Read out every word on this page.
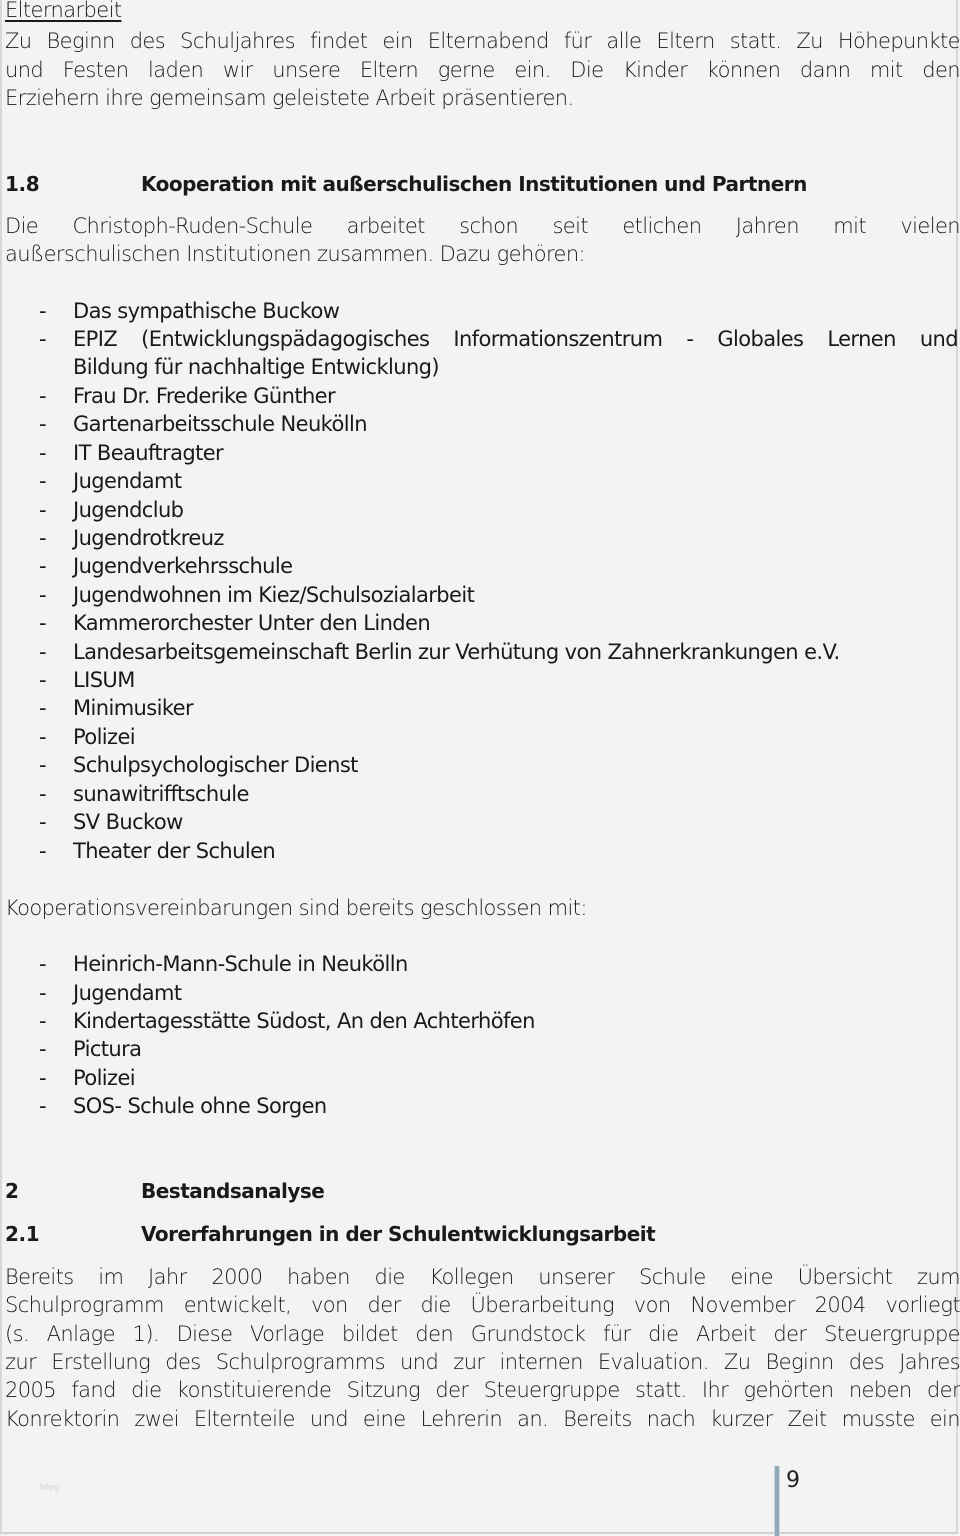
Elternarbeit
Zu Beginn des Schuljahres findet ein Elternabend für alle Eltern statt. Zu Höhepunkte
und Festen laden wir unsere Eltern gerne ein. Die Kinder können dann mit den
Erziehern ihre gemeinsam geleistete Arbeit präsentieren.
1.8	Kooperation mit außerschulischen Institutionen und Partnern
Die Christoph-Ruden-Schule arbeitet schon seit etlichen Jahren mit vielen
außerschulischen Institutionen zusammen. Dazu gehören:
- Das sympathische Buckow
- EPIZ (Entwicklungspädagogisches Informationszentrum - Globales Lernen und
Bildung für nachhaltige Entwicklung)
- Frau Dr. Frederike Günther
- Gartenarbeitsschule Neukölln
- IT Beauftragter
- Jugendamt
- Jugendclub
- Jugendrotkreuz
- Jugendverkehrsschule
- Jugendwohnen im Kiez/Schulsozialarbeit
- Kammerorchester Unter den Linden
- Landesarbeitsgemeinschaft Berlin zur Verhütung von Zahnerkrankungen e.V.
- LISUM
- Minimusiker
- Polizei
- Schulpsychologischer Dienst
- sunawitrifftschule
- SV Buckow
- Theater der Schulen
Kooperationsvereinbarungen sind bereits geschlossen mit:
- Heinrich-Mann-Schule in Neukölln
- Jugendamt
- Kindertagesstätte Südost, An den Achterhöfen
- Pictura
- Polizei
- SOS- Schule ohne Sorgen
2	Bestandsanalyse
2.1	Vorerfahrungen in der Schulentwicklungsarbeit
Bereits im Jahr 2000 haben die Kollegen unserer Schule eine Übersicht zum
Schulprogramm entwickelt, von der die Überarbeitung von November 2004 vorliegt
(s. Anlage 1). Diese Vorlage bildet den Grundstock für die Arbeit der Steuergruppe
zur Erstellung des Schulprogramms und zur internen Evaluation. Zu Beginn des Jahres
2005 fand die konstituierende Sitzung der Steuergruppe statt. Ihr gehörten neben der
Konrektorin zwei Elternteile und eine Lehrerin an. Bereits nach kurzer Zeit musste ein
blog	9
